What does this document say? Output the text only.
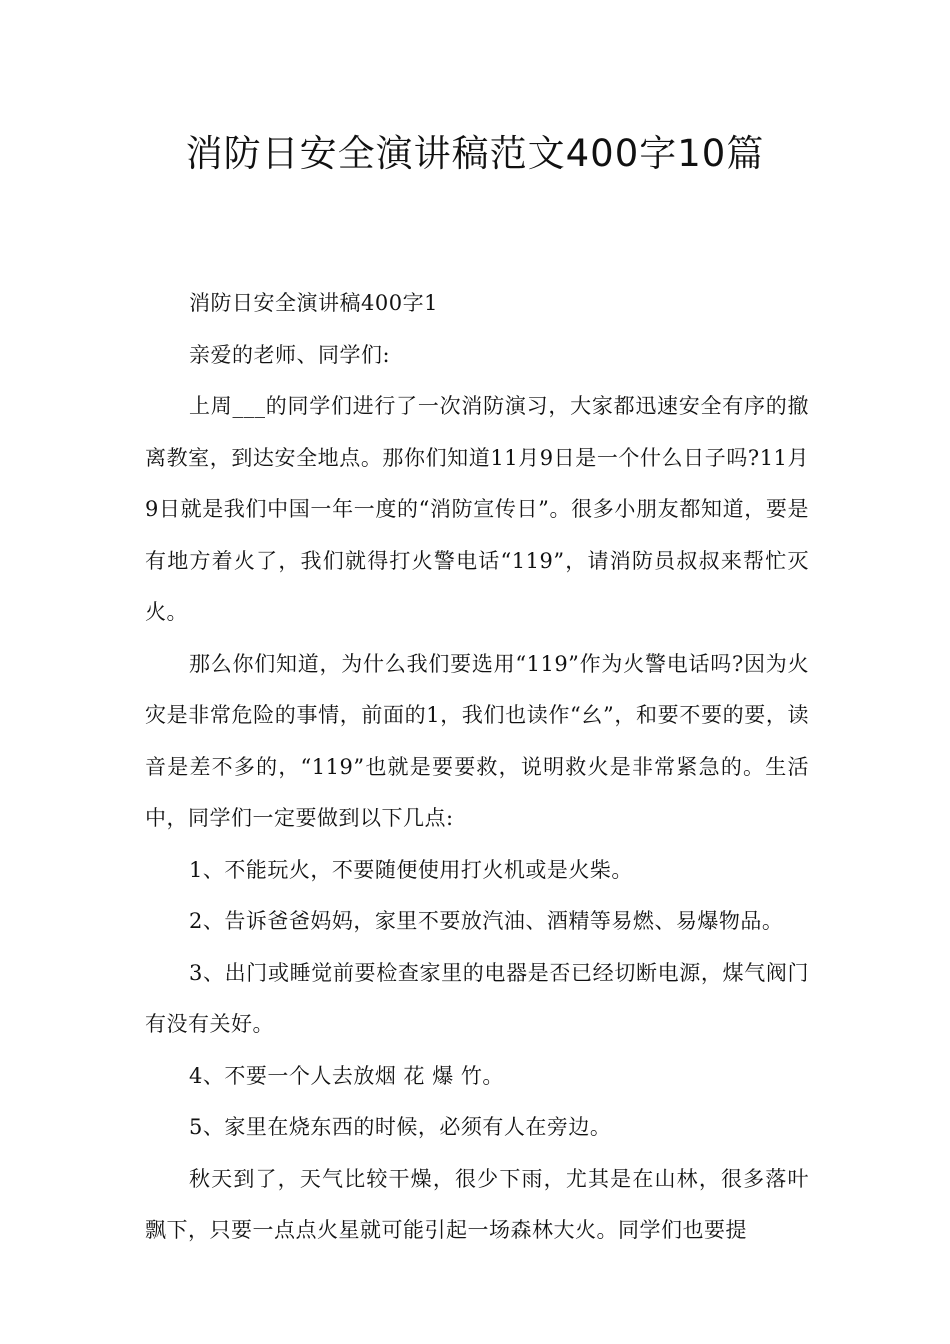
消防日安全演讲稿范文400字10篇

消防日安全演讲稿400字1

亲爱的老师、同学们:

上周___的同学们进行了一次消防演习，大家都迅速安全有序的撤离教室，到达安全地点。那你们知道11月9日是一个什么日子吗?11月9日就是我们中国一年一度的“消防宣传日”。很多小朋友都知道，要是有地方着火了，我们就得打火警电话“119”，请消防员叔叔来帮忙灭火。

那么你们知道，为什么我们要选用“119”作为火警电话吗?因为火灾是非常危险的事情，前面的1，我们也读作“幺”，和要不要的要，读音是差不多的，“119”也就是要要救，说明救火是非常紧急的。生活中，同学们一定要做到以下几点:

1、不能玩火，不要随便使用打火机或是火柴。

2、告诉爸爸妈妈，家里不要放汽油、酒精等易燃、易爆物品。

3、出门或睡觉前要检查家里的电器是否已经切断电源，煤气阀门有没有关好。

4、不要一个人去放烟 花 爆 竹。

5、家里在烧东西的时候，必须有人在旁边。

秋天到了，天气比较干燥，很少下雨，尤其是在山林，很多落叶飘下，只要一点点火星就可能引起一场森林大火。同学们也要提
